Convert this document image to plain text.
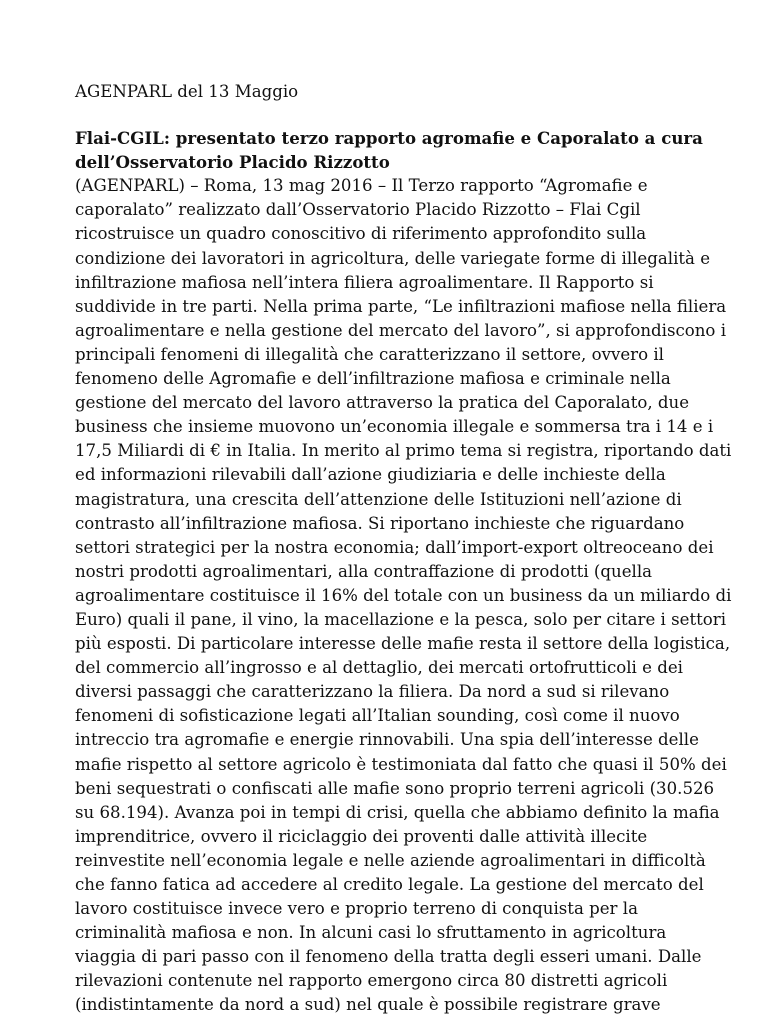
AGENPARL del 13 Maggio

Flai-CGIL: presentato terzo rapporto agromafie e Caporalato a cura
dell’Osservatorio Placido Rizzotto
(AGENPARL) – Roma, 13 mag 2016 – Il Terzo rapporto “Agromafie e
caporalato” realizzato dall’Osservatorio Placido Rizzotto – Flai Cgil
ricostruisce un quadro conoscitivo di riferimento approfondito sulla
condizione dei lavoratori in agricoltura, delle variegate forme di illegalità e
infiltrazione mafiosa nell’intera filiera agroalimentare. Il Rapporto si
suddivide in tre parti. Nella prima parte, “Le infiltrazioni mafiose nella filiera
agroalimentare e nella gestione del mercato del lavoro”, si approfondiscono i
principali fenomeni di illegalità che caratterizzano il settore, ovvero il
fenomeno delle Agromafie e dell’infiltrazione mafiosa e criminale nella
gestione del mercato del lavoro attraverso la pratica del Caporalato, due
business che insieme muovono un’economia illegale e sommersa tra i 14 e i
17,5 Miliardi di € in Italia. In merito al primo tema si registra, riportando dati
ed informazioni rilevabili dall’azione giudiziaria e delle inchieste della
magistratura, una crescita dell’attenzione delle Istituzioni nell’azione di
contrasto all’infiltrazione mafiosa. Si riportano inchieste che riguardano
settori strategici per la nostra economia; dall’import-export oltreoceano dei
nostri prodotti agroalimentari, alla contraffazione di prodotti (quella
agroalimentare costituisce il 16% del totale con un business da un miliardo di
Euro) quali il pane, il vino, la macellazione e la pesca, solo per citare i settori
più esposti. Di particolare interesse delle mafie resta il settore della logistica,
del commercio all’ingrosso e al dettaglio, dei mercati ortofrutticoli e dei
diversi passaggi che caratterizzano la filiera. Da nord a sud si rilevano
fenomeni di sofisticazione legati all’Italian sounding, così come il nuovo
intreccio tra agromafie e energie rinnovabili. Una spia dell’interesse delle
mafie rispetto al settore agricolo è testimoniata dal fatto che quasi il 50% dei
beni sequestrati o confiscati alle mafie sono proprio terreni agricoli (30.526
su 68.194). Avanza poi in tempi di crisi, quella che abbiamo definito la mafia
imprenditrice, ovvero il riciclaggio dei proventi dalle attività illecite
reinvestite nell’economia legale e nelle aziende agroalimentari in difficoltà
che fanno fatica ad accedere al credito legale. La gestione del mercato del
lavoro costituisce invece vero e proprio terreno di conquista per la
criminalità mafiosa e non. In alcuni casi lo sfruttamento in agricoltura
viaggia di pari passo con il fenomeno della tratta degli esseri umani. Dalle
rilevazioni contenute nel rapporto emergono circa 80 distretti agricoli
(indistintamente da nord a sud) nel quale è possibile registrare grave
